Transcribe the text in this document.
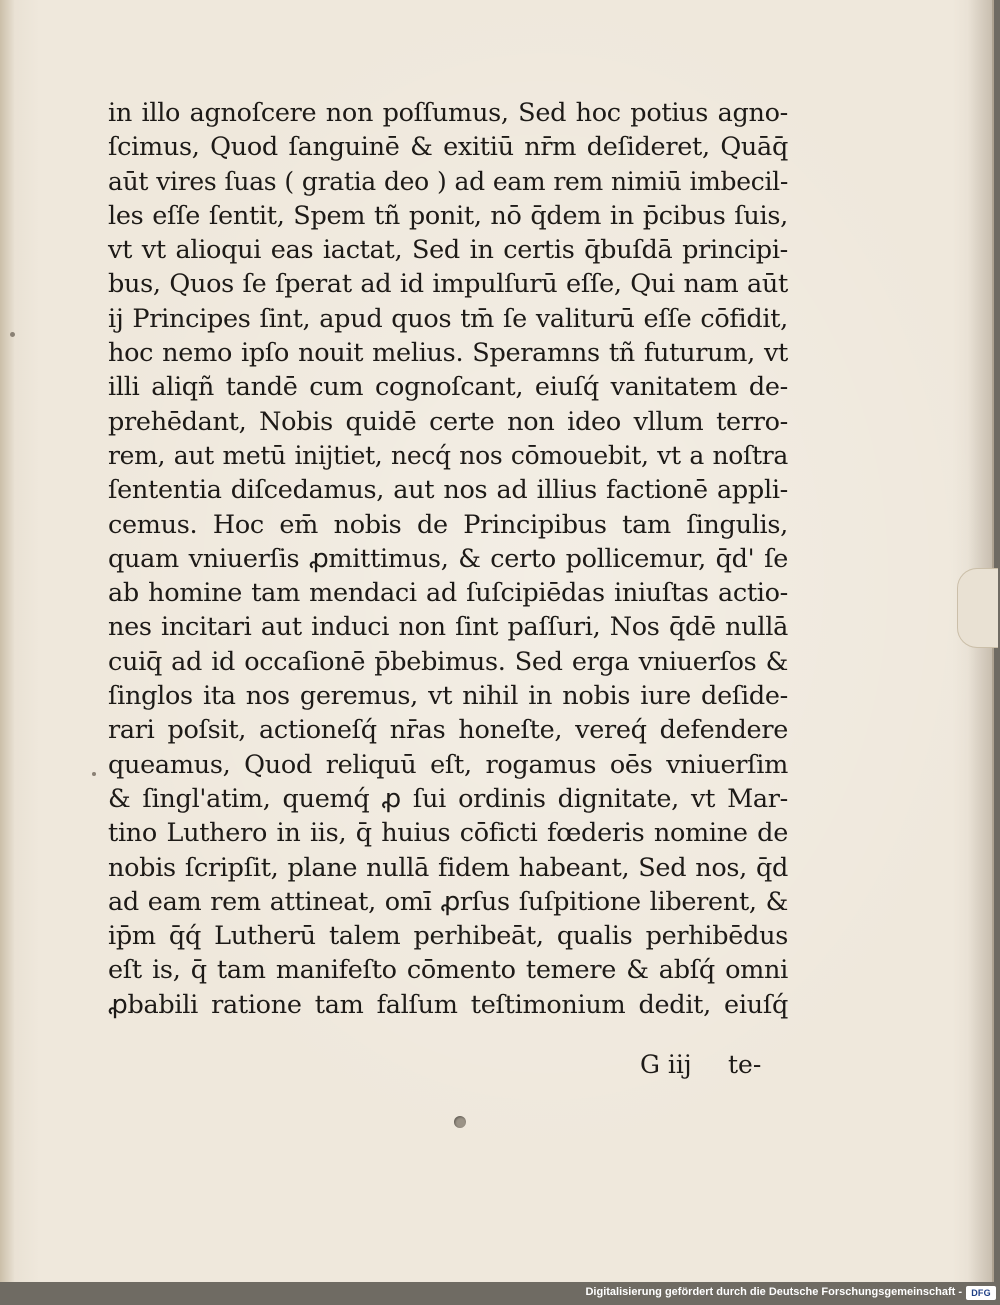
in illo agnoſcere non poſſumus, Sed hoc potius agno-
ſcimus, Quod ſanguinē & exitiū nr̄m deſideret, Quāq̄
aūt vires ſuas ( gratia deo ) ad eam rem nimiū imbecil-
les eſſe ſentit, Spem tñ ponit, nō q̄dem in p̄cibus ſuis,
vt vt alioqui eas iactat, Sed in certis q̄buſdā principi-
bus, Quos ſe ſperat ad id impulſurū eſſe, Qui nam aūt
ij Principes ſint, apud quos tm̄ ſe valiturū eſſe cōfidit,
hoc nemo ipſo nouit melius. Speramns tñ futurum, vt
illi aliqñ tandē cum cognoſcant, eiuſq́ vanitatem de-
prehēdant, Nobis quidē certe non ideo vllum terro-
rem, aut metū inijtiet, necq́ nos cōmouebit, vt a noſtra
ſententia diſcedamus, aut nos ad illius factionē appli-
cemus. Hoc em̄ nobis de Principibus tam ſingulis,
quam vniuerſis ꝓmittimus, & certo pollicemur, q̄d' ſe
ab homine tam mendaci ad ſuſcipiēdas iniuſtas actio-
nes incitari aut induci non ſint paſſuri, Nos q̄dē nullā
cuiq̄ ad id occaſionē p̄bebimus. Sed erga vniuerſos &
ſinglos ita nos geremus, vt nihil in nobis iure deſide-
rari poſsit, actioneſq́ nr̄as honeſte, vereq́ defendere
queamus, Quod reliquū eſt, rogamus oēs vniuerſim
& ſingl'atim, quemq́ ꝓ ſui ordinis dignitate, vt Mar-
tino Luthero in iis, q̄ huius cōficti fœderis nomine de
nobis ſcripſit, plane nullā fidem habeant, Sed nos, q̄d
ad eam rem attineat, omī ꝓrſus ſuſpitione liberent, &
ip̄m q̄q́ Lutherū talem perhibeāt, qualis perhibēdus
eſt is, q̄ tam manifeſto cōmento temere & abſq́ omni
ꝓbabili ratione tam falſum teſtimonium dedit, eiuſq́
G iij te-
Digitalisierung gefördert durch die Deutsche Forschungsgemeinschaft -	DFG
